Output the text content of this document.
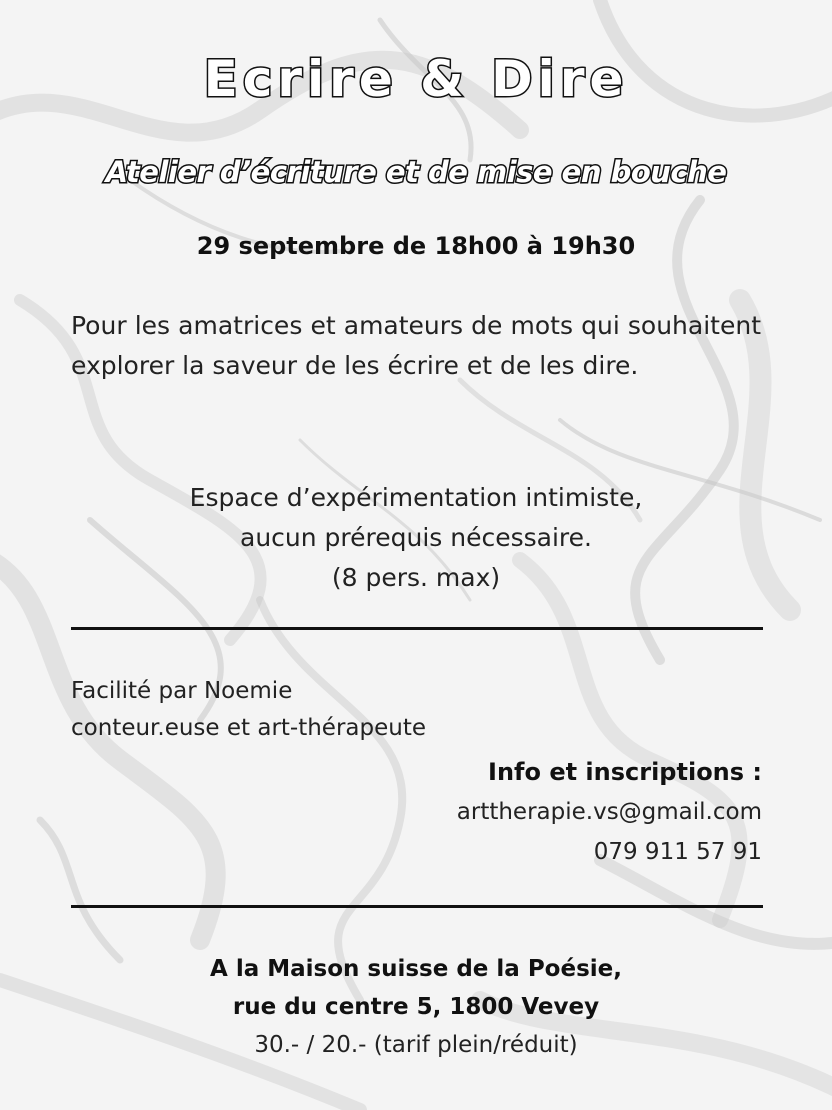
Ecrire & Dire
Atelier d’écriture et de mise en bouche
29 septembre de 18h00 à 19h30
Pour les amatrices et amateurs de mots qui souhaitent explorer la saveur de les écrire et de les dire.
Espace d’expérimentation intimiste,
aucun prérequis nécessaire.
(8 pers. max)
Facilité par Noemie
conteur.euse et art-thérapeute
Info et inscriptions :
arttherapie.vs@gmail.com
079 911 57 91
A la Maison suisse de la Poésie,
rue du centre 5, 1800 Vevey
30.- / 20.- (tarif plein/réduit)
